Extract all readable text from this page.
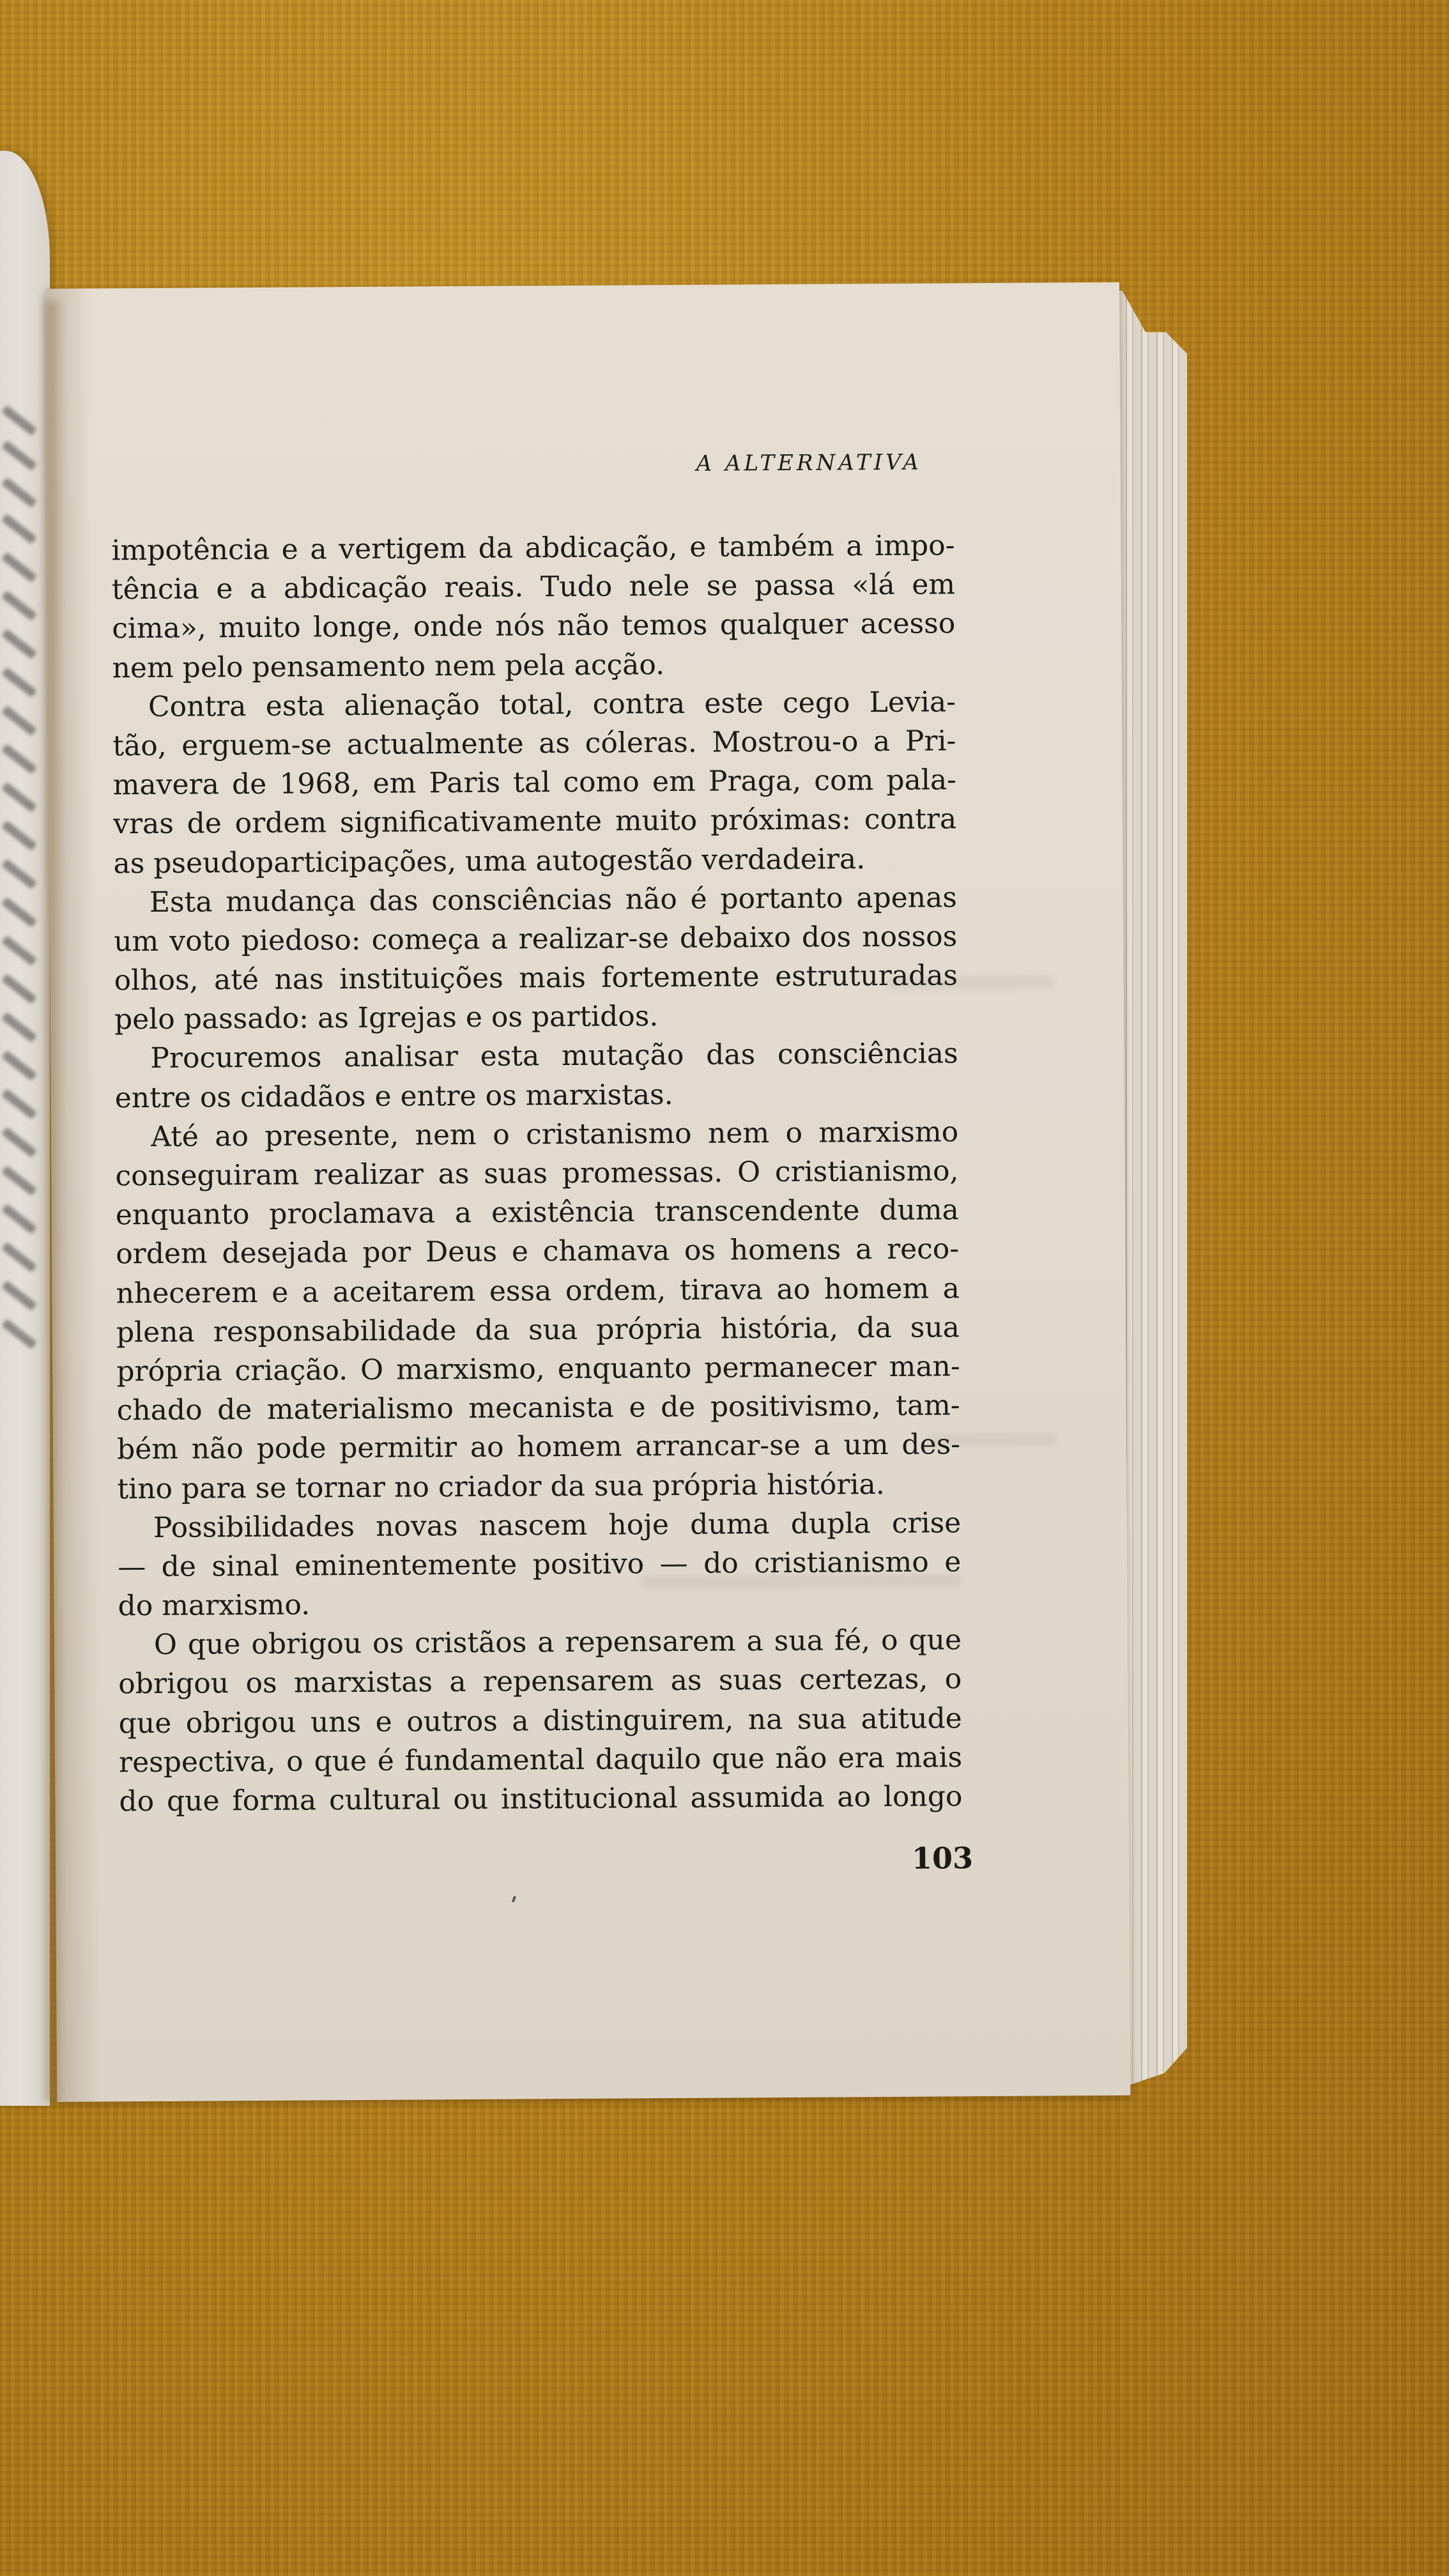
A ALTERNATIVA
impotência e a vertigem da abdicação, e também a impo-
tência e a abdicação reais. Tudo nele se passa «lá em
cima», muito longe, onde nós não temos qualquer acesso
nem pelo pensamento nem pela acção.
Contra esta alienação total, contra este cego Levia-
tão, erguem-se actualmente as cóleras. Mostrou-o a Pri-
mavera de 1968, em Paris tal como em Praga, com pala-
vras de ordem significativamente muito próximas: contra
as pseudoparticipações, uma autogestão verdadeira.
Esta mudança das consciências não é portanto apenas
um voto piedoso: começa a realizar-se debaixo dos nossos
olhos, até nas instituições mais fortemente estruturadas
pelo passado: as Igrejas e os partidos.
Procuremos analisar esta mutação das consciências
entre os cidadãos e entre os marxistas.
Até ao presente, nem o cristanismo nem o marxismo
conseguiram realizar as suas promessas. O cristianismo,
enquanto proclamava a existência transcendente duma
ordem desejada por Deus e chamava os homens a reco-
nhecerem e a aceitarem essa ordem, tirava ao homem a
plena responsabilidade da sua própria história, da sua
própria criação. O marxismo, enquanto permanecer man-
chado de materialismo mecanista e de positivismo, tam-
bém não pode permitir ao homem arrancar-se a um des-
tino para se tornar no criador da sua própria história.
Possibilidades novas nascem hoje duma dupla crise
— de sinal eminentemente positivo — do cristianismo e
do marxismo.
O que obrigou os cristãos a repensarem a sua fé, o que
obrigou os marxistas a repensarem as suas certezas, o
que obrigou uns e outros a distinguirem, na sua atitude
respectiva, o que é fundamental daquilo que não era mais
do que forma cultural ou institucional assumida ao longo
103
